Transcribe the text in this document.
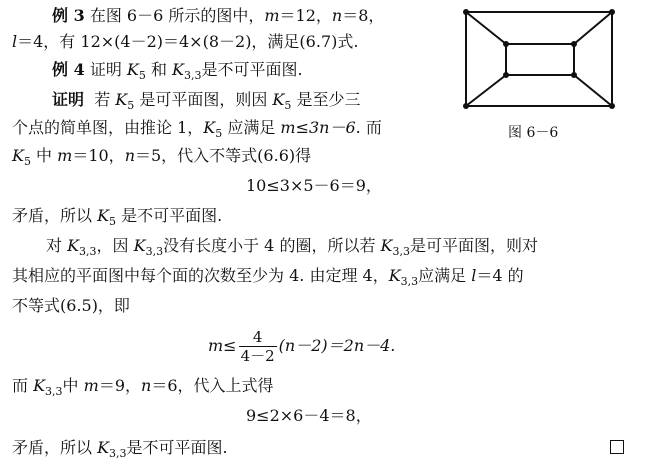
例 3 在图 6－6 所示的图中，m＝12，n＝8，
l＝4，有 12×(4－2)＝4×(8－2)，满足(6.7)式.
例 4 证明 $K_5$ 和 $K_{3,3}$是不可平面图.
证明 若 $K_5$ 是可平面图，则因 $K_5$ 是至少三
个点的简单图，由推论 1，$K_5$ 应满足 m≤3n－6. 而
$K_5$ 中 m＝10，n＝5，代入不等式(6.6)得
10≤3×5－6＝9，
矛盾，所以 $K_5$ 是不可平面图.
对 $K_{3,3}$，因 $K_{3,3}$没有长度小于 4 的圈，所以若 $K_{3,3}$是可平面图，则对
其相应的平面图中每个面的次数至少为 4. 由定理 4，$K_{3,3}$应满足 l＝4 的
不等式(6.5)，即
$m\le \frac{4}{4-2} (n-2)=2n-4$.
而 $K_{3,3}$中 m＝9，n＝6，代入上式得
9≤2×6－4＝8，
矛盾，所以 $K_{3,3}$是不可平面图.
图 6－6
